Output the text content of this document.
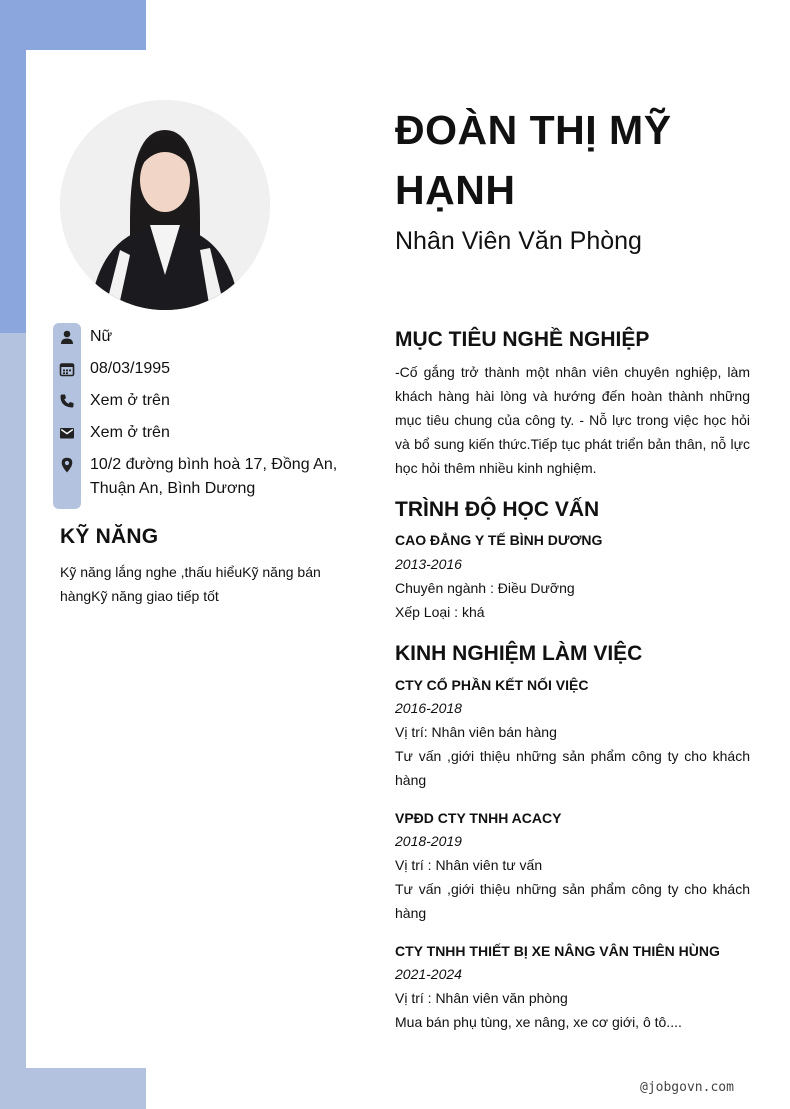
Nữ
08/03/1995
Xem ở trên
Xem ở trên
10/2 đường bình hoà 17, Đồng An, Thuận An, Bình Dương
KỸ NĂNG
Kỹ năng lắng nghe ,thấu hiểuKỹ năng bán hàngKỹ năng giao tiếp tốt
ĐOÀN THỊ MỸ HẠNH
Nhân Viên Văn Phòng
MỤC TIÊU NGHỀ NGHIỆP
-Cố gắng trở thành một nhân viên chuyên nghiệp, làm khách hàng hài lòng và hướng đến hoàn thành những mục tiêu chung của công ty. - Nỗ lực trong việc học hỏi và bổ sung kiến thức.Tiếp tục phát triển bản thân, nỗ lực học hỏi thêm nhiều kinh nghiệm.
TRÌNH ĐỘ HỌC VẤN
CAO ĐẲNG Y TẾ BÌNH DƯƠNG
2013-2016
Chuyên ngành : Điều Dưỡng
Xếp Loại : khá
KINH NGHIỆM LÀM VIỆC
CTY CỔ PHẦN KẾT NỐI VIỆC
2016-2018
Vị trí: Nhân viên bán hàng
Tư vấn ,giới thiệu những sản phẩm công ty cho khách hàng
VPĐD CTY TNHH ACACY
2018-2019
Vị trí : Nhân viên tư vấn
Tư vấn ,giới thiệu những sản phẩm công ty cho khách hàng
CTY TNHH THIẾT BỊ XE NÂNG VÂN THIÊN HÙNG
2021-2024
Vị trí : Nhân viên văn phòng
Mua bán phụ tùng, xe nâng, xe cơ giới, ô tô....
@jobgovn.com
